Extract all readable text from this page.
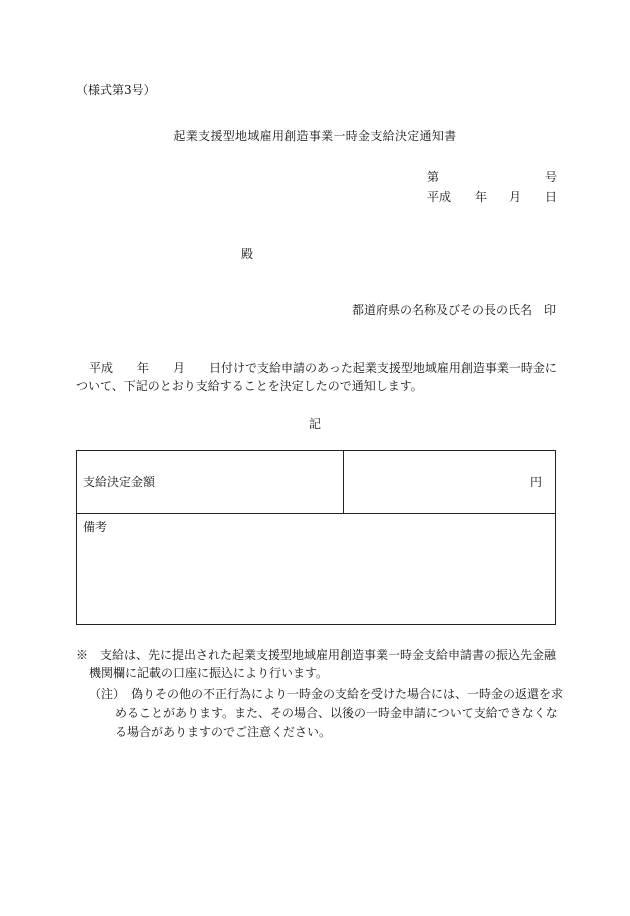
（様式第3号）
起業支援型地域雇用創造事業一時金支給決定通知書
第	号
平成 年 月 日
殿
都道府県の名称及びその長の氏名　印
平成　　年　　月　　日付けで支給申請のあった起業支援型地域雇用創造事業一時金に
ついて、下記のとおり支給することを決定したので通知します。
記
支給決定金額	円
備考
※　支給は、先に提出された起業支援型地域雇用創造事業一時金支給申請書の振込先金融
機関欄に記載の口座に振込により行います。
（注）　偽りその他の不正行為により一時金の支給を受けた場合には、一時金の返還を求
めることがあります。また、その場合、以後の一時金申請について支給できなくな
る場合がありますのでご注意ください。
